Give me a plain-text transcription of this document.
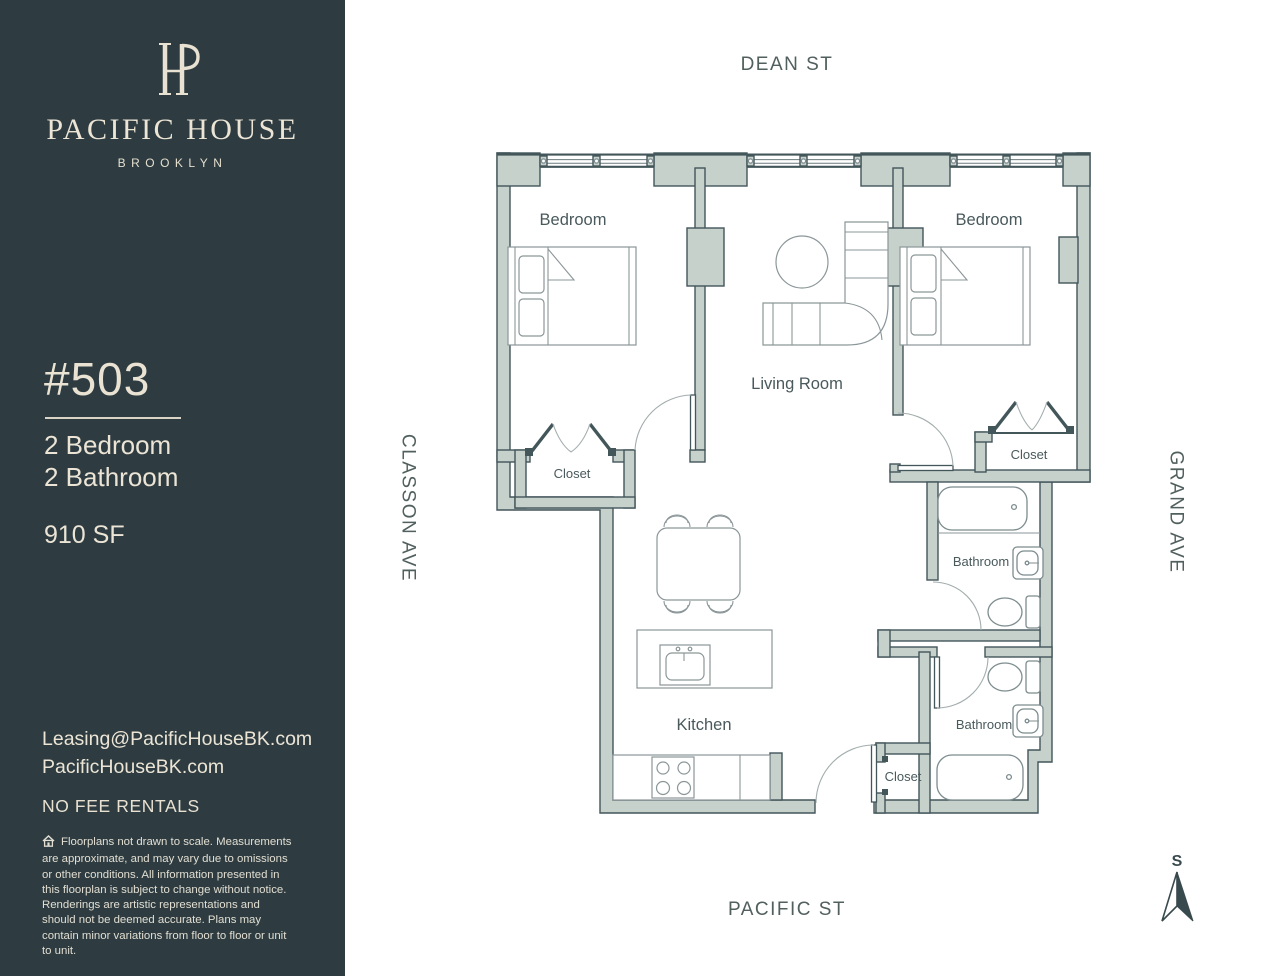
PACIFIC HOUSE
BROOKLYN
#503
2 Bedroom
2 Bathroom
910 SF
Leasing@PacificHouseBK.com
PacificHouseBK.com
NO FEE RENTALS
Floorplans not drawn to scale. Measurements are approximate, and may vary due to omissions or other conditions. All information presented in this floorplan is subject to change without notice. Renderings are artistic representations and should not be deemed accurate. Plans may contain minor variations from floor to floor or unit to unit.
DEAN ST
CLASSON AVE	GRAND AVE
PACIFIC ST
S
Bedroom	Bedroom
Living Room
Kitchen
Closet
Closet
Closet
Bathroom
Bathroom
